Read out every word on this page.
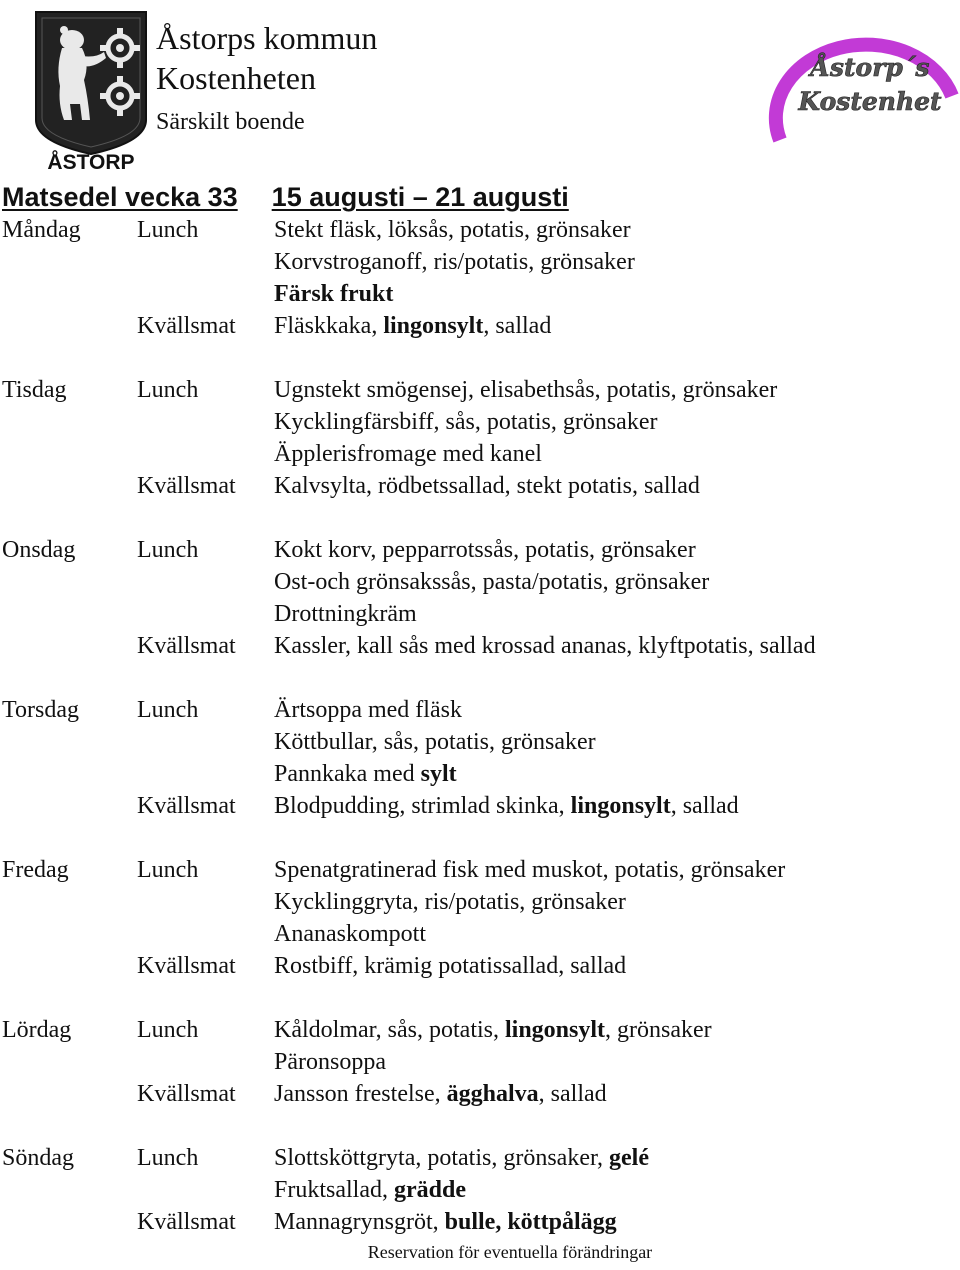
ÅSTORP
Åstorps kommun
Kostenheten
Särskilt boende
Åstorp´s
Kostenhet
Matsedel vecka 33 15 augusti – 21 augusti
Måndag Lunch	Stekt fläsk, löksås, potatis, grönsaker
Korvstroganoff, ris/potatis, grönsaker
Färsk frukt
Kvällsmat Fläskkaka, lingonsylt, sallad
Tisdag	Lunch	Ugnstekt smögensej, elisabethsås, potatis, grönsaker
Kycklingfärsbiff, sås, potatis, grönsaker
Äpplerisfromage med kanel
Kvällsmat Kalvsylta, rödbetssallad, stekt potatis, sallad
Onsdag	Lunch	Kokt korv, pepparrotssås, potatis, grönsaker
Ost-och grönsakssås, pasta/potatis, grönsaker
Drottningkräm
Kvällsmat Kassler, kall sås med krossad ananas, klyftpotatis, sallad
Torsdag Lunch	Ärtsoppa med fläsk
Köttbullar, sås, potatis, grönsaker
Pannkaka med sylt
Kvällsmat Blodpudding, strimlad skinka, lingonsylt, sallad
Fredag	Lunch	Spenatgratinerad fisk med muskot, potatis, grönsaker
Kycklinggryta, ris/potatis, grönsaker
Ananaskompott
Kvällsmat Rostbiff, krämig potatissallad, sallad
Lördag	Lunch	Kåldolmar, sås, potatis, lingonsylt, grönsaker
Päronsoppa
Kvällsmat Jansson frestelse, ägghalva, sallad
Söndag	Lunch	Slottsköttgryta, potatis, grönsaker, gelé
Fruktsallad, grädde
Kvällsmat Mannagrynsgröt, bulle, köttpålägg
Reservation för eventuella förändringar
